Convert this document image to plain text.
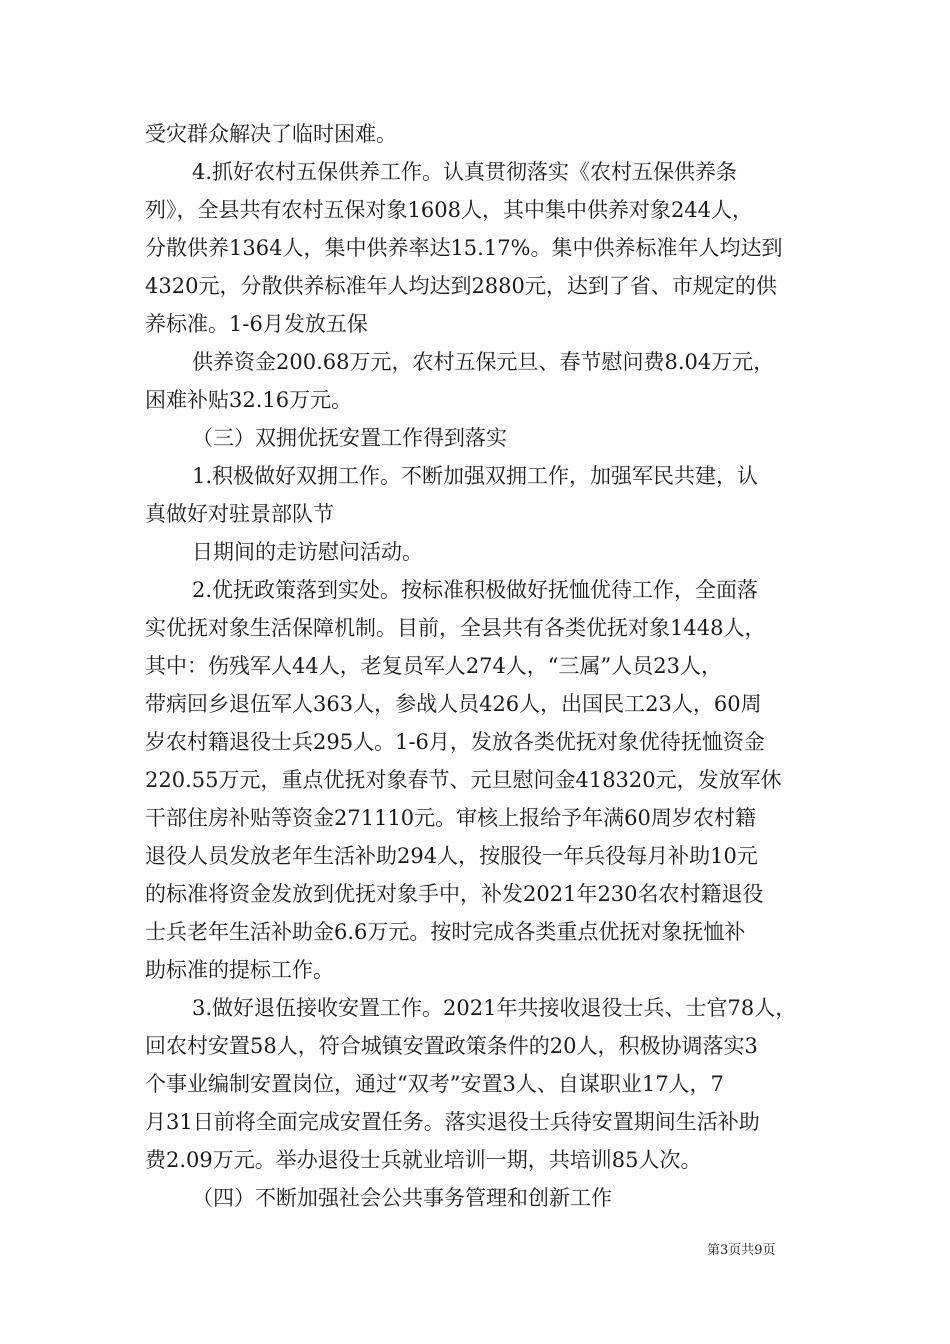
受灾群众解决了临时困难。
4.抓好农村五保供养工作。认真贯彻落实《农村五保供养条
列》，全县共有农村五保对象1608人，其中集中供养对象244人，
分散供养1364人，集中供养率达15.17%。集中供养标准年人均达到
4320元，分散供养标准年人均达到2880元，达到了省、市规定的供
养标准。1-6月发放五保
供养资金200.68万元，农村五保元旦、春节慰问费8.04万元，
困难补贴32.16万元。
（三）双拥优抚安置工作得到落实
1.积极做好双拥工作。不断加强双拥工作，加强军民共建，认
真做好对驻景部队节
日期间的走访慰问活动。
2.优抚政策落到实处。按标准积极做好抚恤优待工作，全面落
实优抚对象生活保障机制。目前，全县共有各类优抚对象1448人，
其中：伤残军人44人，老复员军人274人，“三属”人员23人，
带病回乡退伍军人363人，参战人员426人，出国民工23人，60周
岁农村籍退役士兵295人。1-6月，发放各类优抚对象优待抚恤资金
220.55万元，重点优抚对象春节、元旦慰问金418320元，发放军休
干部住房补贴等资金271110元。审核上报给予年满60周岁农村籍
退役人员发放老年生活补助294人，按服役一年兵役每月补助10元
的标准将资金发放到优抚对象手中，补发2021年230名农村籍退役
士兵老年生活补助金6.6万元。按时完成各类重点优抚对象抚恤补
助标准的提标工作。
3.做好退伍接收安置工作。2021年共接收退役士兵、士官78人，
回农村安置58人，符合城镇安置政策条件的20人，积极协调落实3
个事业编制安置岗位，通过“双考”安置3人、自谋职业17人，7
月31日前将全面完成安置任务。落实退役士兵待安置期间生活补助
费2.09万元。举办退役士兵就业培训一期，共培训85人次。
（四）不断加强社会公共事务管理和创新工作
第3页共9页
